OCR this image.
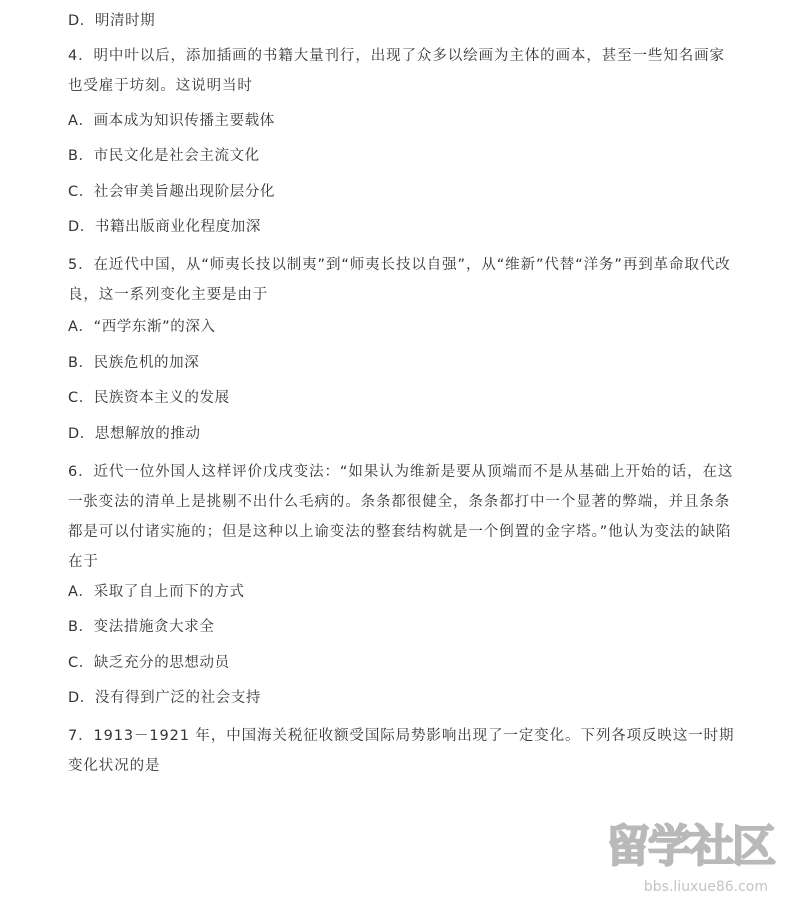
D．明清时期
4．明中叶以后，添加插画的书籍大量刊行，出现了众多以绘画为主体的画本，甚至一些知名画家也受雇于坊刻。这说明当时
A．画本成为知识传播主要载体
B．市民文化是社会主流文化
C．社会审美旨趣出现阶层分化
D．书籍出版商业化程度加深
5．在近代中国，从“师夷长技以制夷”到“师夷长技以自强”，从“维新”代替“洋务”再到革命取代改良，这一系列变化主要是由于
A．“西学东渐”的深入
B．民族危机的加深
C．民族资本主义的发展
D．思想解放的推动
6．近代一位外国人这样评价戊戌变法：“如果认为维新是要从顶端而不是从基础上开始的话，在这一张变法的清单上是挑剔不出什么毛病的。条条都很健全，条条都打中一个显著的弊端，并且条条都是可以付诸实施的；但是这种以上谕变法的整套结构就是一个倒置的金字塔。”他认为变法的缺陷在于
A．采取了自上而下的方式
B．变法措施贪大求全
C．缺乏充分的思想动员
D．没有得到广泛的社会支持
7．1913－1921 年，中国海关税征收额受国际局势影响出现了一定变化。下列各项反映这一时期变化状况的是
留学社区
bbs.liuxue86.com
